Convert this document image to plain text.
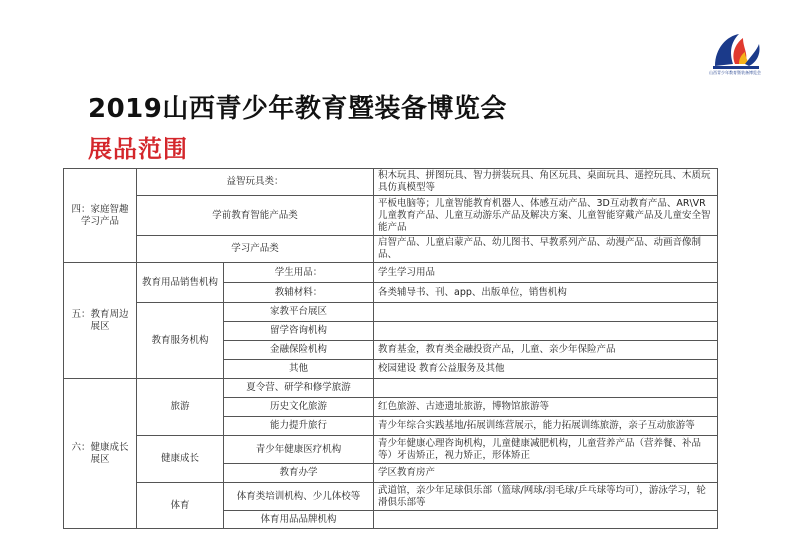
山西青少年教育暨装备博览会
2019山西青少年教育暨装备博览会
展品范围
四：家庭智趣学习产品	益智玩具类：		积木玩具、拼图玩具、智力拼装玩具、角区玩具、桌面玩具、遥控玩具、木质玩具仿真模型等
	学前教育智能产品类		平板电脑等；儿童智能教育机器人、体感互动产品、3D互动教育产品、AR\VR儿童教育产品、儿童互动游乐产品及解决方案、儿童智能穿戴产品及儿童安全智能产品
	学习产品类		启智产品、儿童启蒙产品、幼儿图书、早教系列产品、动漫产品、动画音像制品、
五：教育周边展区	教育用品销售机构	学生用品：	学生学习用品
		教辅材料：	各类辅导书、刊、app、出版单位，销售机构
	教育服务机构	家教平台展区	
		留学咨询机构	
		金融保险机构	教育基金，教育类金融投资产品，儿童、亲少年保险产品
		其他	校园建设 教育公益服务及其他
六：健康成长展区	旅游	夏令营、研学和修学旅游	
		历史文化旅游	红色旅游、古迹遗址旅游，博物馆旅游等
		能力提升旅行	青少年综合实践基地/拓展训练营展示，能力拓展训练旅游，亲子互动旅游等
	健康成长	青少年健康医疗机构	青少年健康心理咨询机构，儿童健康减肥机构，儿童营养产品（营养餐、补品等）牙齿矫正，视力矫正，形体矫正
		教育办学	学区教育房产
	体育	体育类培训机构、少儿体校等	武道馆，亲少年足球俱乐部（篮球/网球/羽毛球/乒乓球等均可），游泳学习，轮滑俱乐部等
		体育用品品牌机构	
